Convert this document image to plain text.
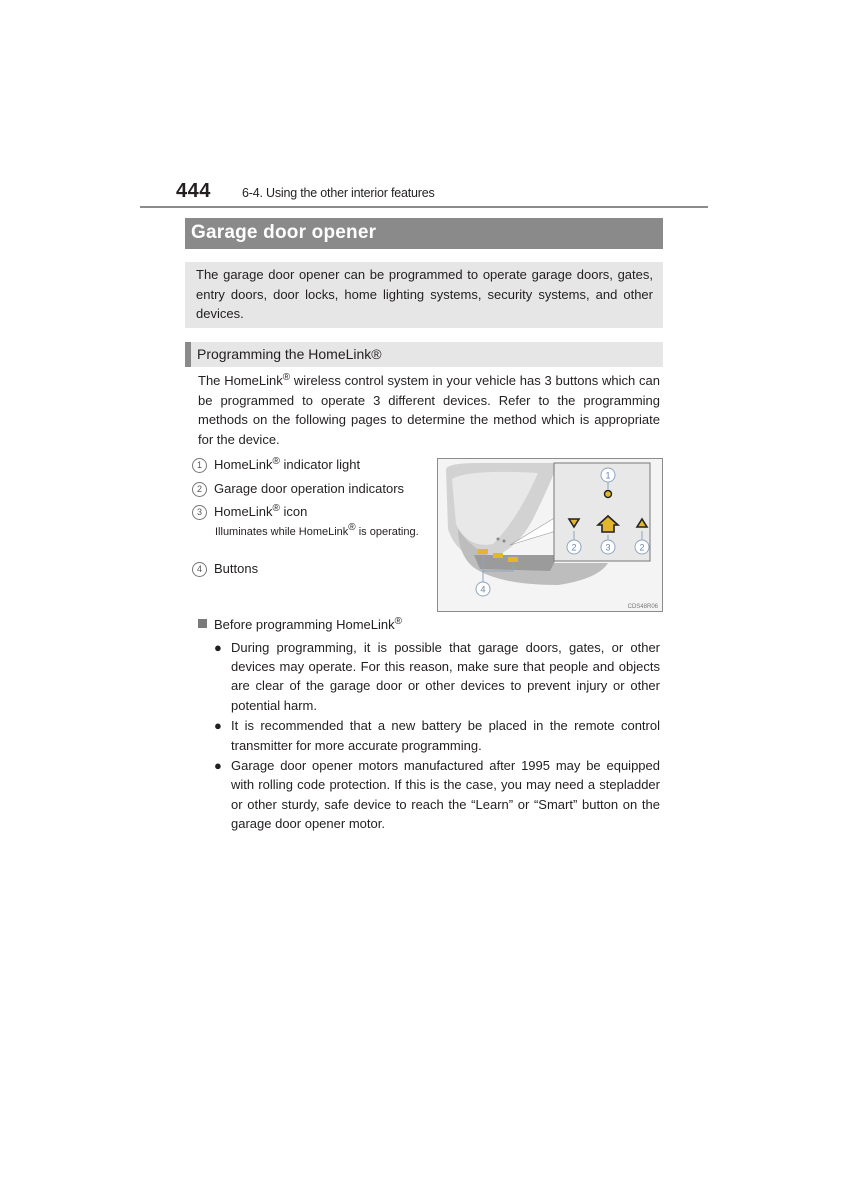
444 6-4. Using the other interior features
Garage door opener
The garage door opener can be programmed to operate garage doors, gates, entry doors, door locks, home lighting systems, security systems, and other devices.
Programming the HomeLink®
The HomeLink® wireless control system in your vehicle has 3 buttons which can be programmed to operate 3 different devices. Refer to the programming methods on the following pages to determine the method which is appropriate for the device.
1 HomeLink® indicator light
2 Garage door operation indicators
3 HomeLink® icon
Illuminates while HomeLink® is operating.
4 Buttons
1
2	3	2
4
CDS48R06
Before programming HomeLink®
● During programming, it is possible that garage doors, gates, or other devices may operate. For this reason, make sure that people and objects are clear of the garage door or other devices to prevent injury or other potential harm.
● It is recommended that a new battery be placed in the remote control transmitter for more accurate programming.
● Garage door opener motors manufactured after 1995 may be equipped with rolling code protection. If this is the case, you may need a stepladder or other sturdy, safe device to reach the “Learn” or “Smart” button on the garage door opener motor.
